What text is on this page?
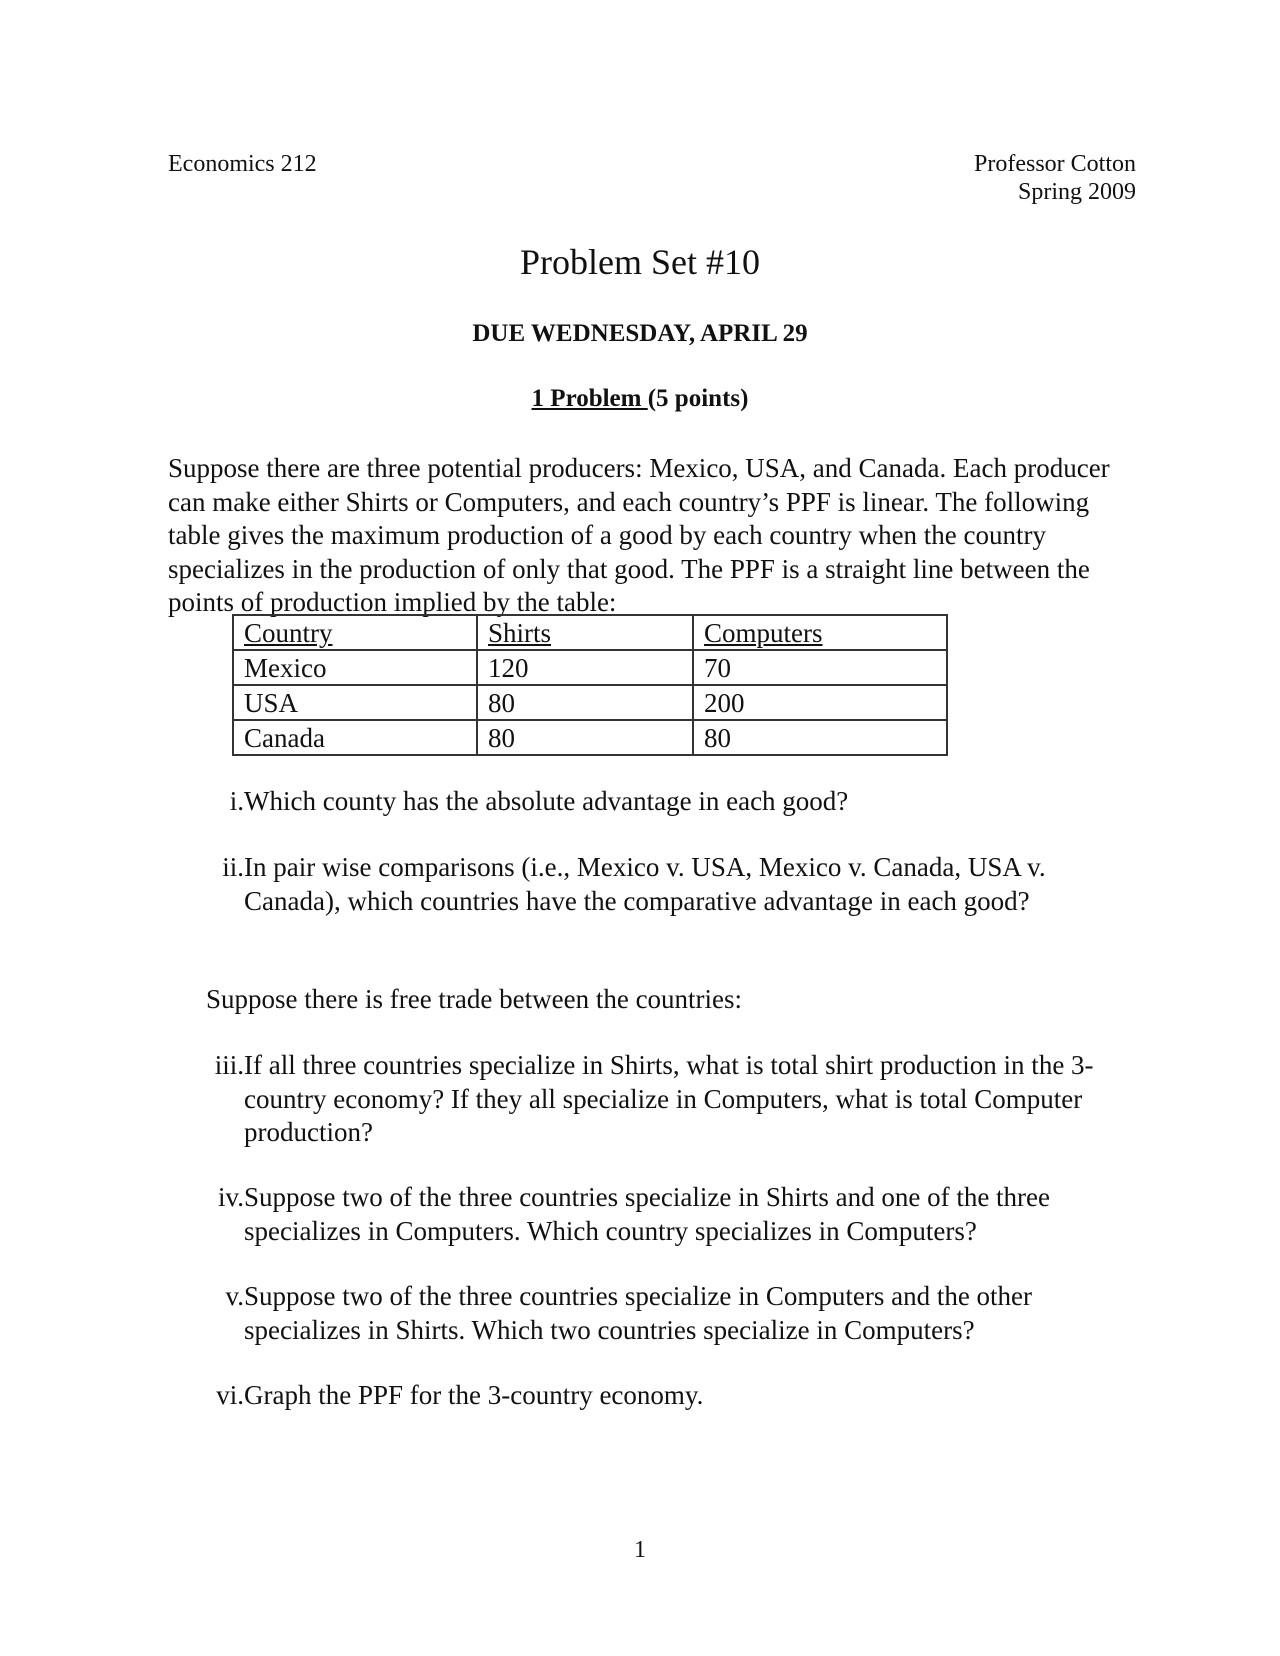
Economics 212	Professor Cotton
Spring 2009
Problem Set #10
DUE WEDNESDAY, APRIL 29
1 Problem (5 points)

Suppose there are three potential producers: Mexico, USA, and Canada. Each producer can make either Shirts or Computers, and each country’s PPF is linear. The following table gives the maximum production of a good by each country when the country specializes in the production of only that good. The PPF is a straight line between the points of production implied by the table:

Country	Shirts	Computers
Mexico	120	70
USA	80	200
Canada	80	80
i. Which county has the absolute advantage in each good?
ii. In pair wise comparisons (i.e., Mexico v. USA, Mexico v. Canada, USA v. Canada), which countries have the comparative advantage in each good?
Suppose there is free trade between the countries:
iii. If all three countries specialize in Shirts, what is total shirt production in the 3-country economy? If they all specialize in Computers, what is total Computer production?
iv. Suppose two of the three countries specialize in Shirts and one of the three specializes in Computers. Which country specializes in Computers?
v. Suppose two of the three countries specialize in Computers and the other specializes in Shirts. Which two countries specialize in Computers?
vi. Graph the PPF for the 3-country economy.
1
